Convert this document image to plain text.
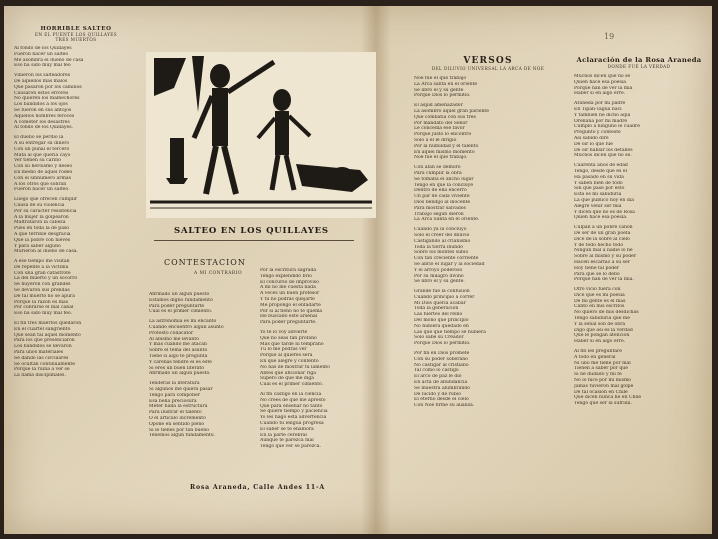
19
HORRIBLE SALTEO
EN EL PUENTE LOS QUILLAYES
TRES MUERTOS
Al fondo de los Quillayes
Fueron hacer un salteo
Me asombra el dueño de casa
Eso ha sido muy mal feo
Vinieron los salteadores
De aquellos más malos
Que pasaron por los caminos
Causaron estos errores
No quieren los malhechores
Los bandidos a los ojos
Se fueron en sus antojos
Aquellos hombres feroces
A cometer los desastres
Al fondo de los Quillayes.
El dueño se perdió la
A su entregar su dinero
Con un puñal el tercero
Mata al que quería cayó
Ver tienen su cariño
Con su heroísmo y deseo
En medio de aquel rodeo
Con el sinnúmero armas
A los otros que sobran
Fueron hacer un salteo.
Luego que ofrecen cumplir
Causa de su violencia
Por su carácter resistencia
A la mujer la golpearon
Maltrataron la cabeza
Pues en toda la de paso
A que terrible desgracia
Que la pobre con nieves
Y para saber alguno
Murieron al dueño de casa.
A ese tiempo me visitan
De repente a la víctima
Con una gran catástrofe
La del muerto y un socorro
Se huyeron con grandes
Se llevaron sus prendas
De tal muerto no se apura
Porque la razón es más
Por cobrarse el mal cabal
Eso ha sido muy mal feo.
El fin tres muertos quedaron
En el cuartel sangriento
Que sean tal aquel momento
Para los que presenciaron
Los bandidos se llevaron
Para unos materiales
Se dando las circulares
Se ocultan continuamente
Porque la ruina a ver se
La llama disciplinales.
SALTEO EN LOS QUILLAYES
CONTESTACION
A MI CONTRARIO
Afirmado un algún puesto
Estamos digno fundamento
Para poder preguntarte
Cual es el primer cimiento.
La astronomía es mi encanto
Cuando encuentro algún asunto
Protesto collacator
Al abismo me levanto
Y mas cuando me atacan
Sobre el tema del asunto
Tiene si algo te pregunta
Y carenas tendré el es este
Si eres un buen literato
Afirmado un algún puesto.
Tenderás la literatura
Si algunos me quiera pasar
Tengo para componer
Esa bella preciosura
Meter halla la estructura
Para ilustrar el talento
O el artículo incremento
Opone en sentido pleno
Si le tienes por tan bueno
Tenemos algún fundamento.
Por la escritura sagrada
Tengo explendido brío
El concurso de improviso
A mi no me cuesta nada
A veces un buen profesor
Y tú no podrás quejarte
Me propongo el enfadarte
Por si al fieno no te quema
He buscado este arsenal
Para poder preguntarte.
Yo te lo voy advierte
Que no seas tan profano
Mas que tarde ni temprano
Tú lo me podrás ver
Porque al quieres será
En que alegre y contento
No has de mostrar tu lamento
Antes que aficionar riga
Supero de que me diga
Cual es el primer cimiento.
Al fin castigo en la ciencia
No crees de que me apresto
Que para enseñar no tanto
Se quiere tiempo y paciencia
Yo les hago esta advertencia
Cuando tu lengua progresa
El saber se te enamora
En la parte cerebral
Aunque te parezca mal
Tengo que ver se parezca.
Rosa Araneda, Calle Andes 11-A
VERSOS
DEL DILUVIO UNIVERSAL LA ARCA DE NOE
Noé fué el que trabajó
La Arca santa en el oriente
Se libró él y su gente
Porque Dios lo permitió.
El aspid amenazador
La asombró aquel gran pariente
Que combatía con sus tres
Por mandato del Señor
Le concedía ese favor
Porque justo lo encontró
Sólo a él le dirigió
Por la humildad y el talento
En aquel mismo momento
Noé fué el que trabajó.
Con afán se demoró
Para cumplir la obra
Se tomaba el ancho lugar
Tengo en que la concluye
Dentro de ella encerró
Un par de cada viviente
Dios bendijo al inocente
Para mostrar salvados
Trabajó según dieron
La Arca Santa en el oriente.
Cuando ya la concluyó
Sólo el creer del diluvio
Castigando al crianismo
Toda la tierra inundó
Sobre los montes subió
Con tan creciente corriente
Se abrió el lugar y la sociedad
Y el arroyo poderoso
Por su milagro divino
Se libró él y su gente.
Grande fué la confusión
Cuando principió a correr
Mi Dios quería acabar
Toda la generación
Las fuertes del reino
Del moño que principió
No hubiera quedado en
Las que que tiempo se hubiera
Sólo sabe su Creador
Porque Dios lo permitió.
Por fin en Dios promete
Con su poder soberano
No castigar al cristiano
Tal como lo castigó
El arco de paz le dió
En acta de abundancia
Se muestra alumbrando
De lúcido y de rubio
El eterno desde el cielo
Con Noé firme su alianza.
Aclaración de la Rosa Araneda
DONDE FUÉ LA VERDAD
Muchos dicen que no sé
Quién hace esa poesía
Porque han de ver la mía
Haber si en algo erré.
Araneda por mi padre
En Tipán-Tagua nací
Y también he dicho aquí
Orellana por mi madre
Cumplo a ninguno le cuadre
Pregunto y contesté
Así sabido diré
De oír lo que fué
De oír hablar los detalles
Muchos dicen que no sé.
Cuarenta años de edad
Tengo, desde que es el
Ha pasado en su vida
Y saben bien de todo
Sin que pase por esto
Esta es mi sabiduría
La que publico hoy en día
Alegre venir ser mía
Y dicen que no es de Rosa
Quién hace esa poesía.
Culpan a un pobre cañón
De ser de un gran poeta
Dice de la sobre al cielo
Y de todo hecho todo
Ningún mal a nadie lo he
Sobre al mismo y su poder
Hacen escarnio a su ser
Hoy tiene tal poder
Para que se lo debo
Porque han de ver la mía.
Otro vicio fuera con
Dice que es mi poesía
De mi gente es el más
Cantó en mis escritos
No quiero de mis desdichas
Tengo sabiduría que me
Y la señal son de obra
Digo que así es la verdad
Que le pongan atención
Haber si en algo erré.
Al fin les preguntaré
A todo en general
Ni uno me tiene por mal
Tienen a saber por qué
Si he dudado y mi fe
No lo hice por mí mismo
Jamás tuvieron mal golpe
De tal ocasión en Chile
Que dicen nunca he en Chile
Tengo que ser la sufrida.
